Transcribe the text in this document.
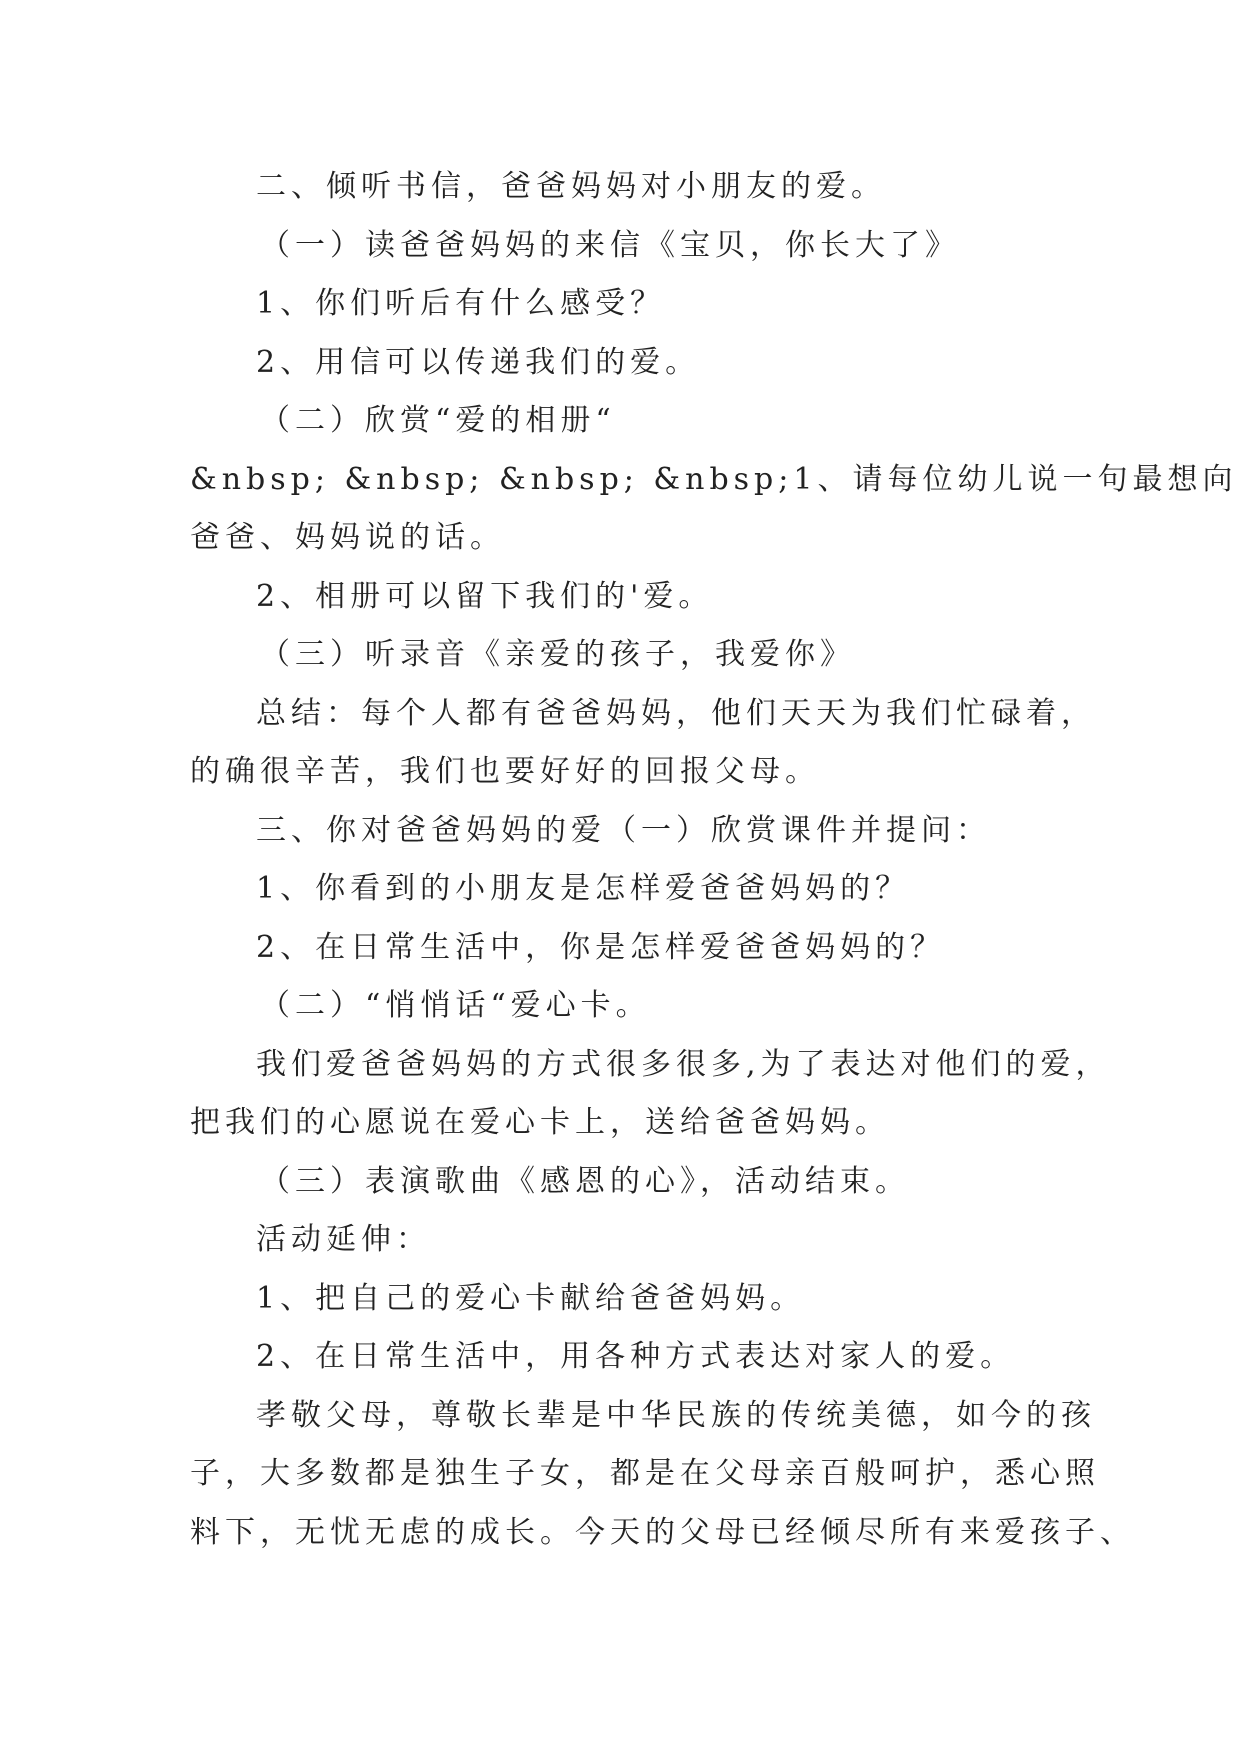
二、倾听书信，爸爸妈妈对小朋友的爱。
（一）读爸爸妈妈的来信《宝贝，你长大了》
1、你们听后有什么感受？
2、用信可以传递我们的爱。
（二）欣赏“爱的相册“
&nbsp; &nbsp; &nbsp; &nbsp;1、请每位幼儿说一句最想向
爸爸、妈妈说的话。
2、相册可以留下我们的'爱。
（三）听录音《亲爱的孩子，我爱你》
总结：每个人都有爸爸妈妈，他们天天为我们忙碌着，
的确很辛苦，我们也要好好的回报父母。
三、你对爸爸妈妈的爱（一）欣赏课件并提问：
1、你看到的小朋友是怎样爱爸爸妈妈的？
2、在日常生活中，你是怎样爱爸爸妈妈的？
（二）“悄悄话“爱心卡。
我们爱爸爸妈妈的方式很多很多,为了表达对他们的爱，
把我们的心愿说在爱心卡上，送给爸爸妈妈。
（三）表演歌曲《感恩的心》，活动结束。
活动延伸：
1、把自己的爱心卡献给爸爸妈妈。
2、在日常生活中，用各种方式表达对家人的爱。
孝敬父母，尊敬长辈是中华民族的传统美德，如今的孩
子，大多数都是独生子女，都是在父母亲百般呵护，悉心照
料下，无忧无虑的成长。今天的父母已经倾尽所有来爱孩子、
